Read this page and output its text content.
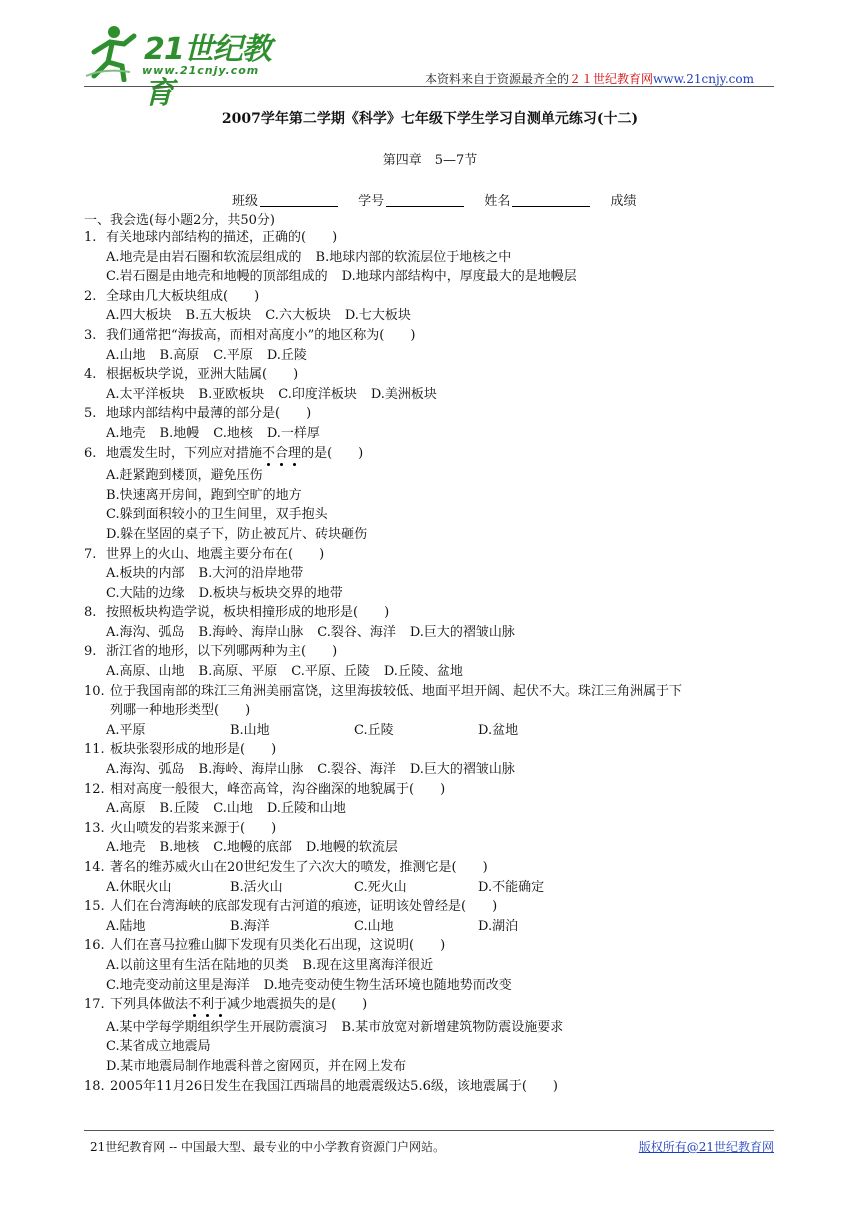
21世纪教育
www.21cnjy.com
本资料来自于资源最齐全的２１世纪教育网www.21cnjy.com
2007学年第二学期《科学》七年级下学生学习自测单元练习(十二)
第四章　5—7节
班级	学号	姓名	成绩
一、我会选(每小题2分，共50分)
1. 有关地球内部结构的描述，正确的(　　)
A.地壳是由岩石圈和软流层组成的 B.地球内部的软流层位于地核之中
C.岩石圈是由地壳和地幔的顶部组成的 D.地球内部结构中，厚度最大的是地幔层
2. 全球由几大板块组成(　　)
A.四大板块 B.五大板块 C.六大板块 D.七大板块
3. 我们通常把“海拔高，而相对高度小”的地区称为(　　)
A.山地 B.高原 C.平原 D.丘陵
4. 根据板块学说，亚洲大陆属(　　)
A.太平洋板块 B.亚欧板块 C.印度洋板块 D.美洲板块
5. 地球内部结构中最薄的部分是(　　)
A.地壳 B.地幔 C.地核 D.一样厚
6. 地震发生时，下列应对措施不合理的是(　　)
A.赶紧跑到楼顶，避免压伤
B.快速离开房间，跑到空旷的地方
C.躲到面积较小的卫生间里，双手抱头
D.躲在坚固的桌子下，防止被瓦片、砖块砸伤
7. 世界上的火山、地震主要分布在(　　)
A.板块的内部 B.大河的沿岸地带
C.大陆的边缘 D.板块与板块交界的地带
8. 按照板块构造学说，板块相撞形成的地形是(　　)
A.海沟、弧岛 B.海岭、海岸山脉 C.裂谷、海洋 D.巨大的褶皱山脉
9. 浙江省的地形，以下列哪两种为主(　　)
A.高原、山地 B.高原、平原 C.平原、丘陵 D.丘陵、盆地
10. 位于我国南部的珠江三角洲美丽富饶，这里海拔较低、地面平坦开阔、起伏不大。珠江三角洲属于下
列哪一种地形类型(　　)
A.平原	B.山地	C.丘陵	D.盆地
11. 板块张裂形成的地形是(　　)
A.海沟、弧岛 B.海岭、海岸山脉 C.裂谷、海洋 D.巨大的褶皱山脉
12. 相对高度一般很大，峰峦高耸，沟谷幽深的地貌属于(　　)
A.高原 B.丘陵 C.山地 D.丘陵和山地
13. 火山喷发的岩浆来源于(　　)
A.地壳 B.地核 C.地幔的底部 D.地幔的软流层
14. 著名的维苏威火山在20世纪发生了六次大的喷发，推测它是(　　)
A.休眠火山	B.活火山	C.死火山	D.不能确定
15. 人们在台湾海峡的底部发现有古河道的痕迹，证明该处曾经是(　　)
A.陆地	B.海洋	C.山地	D.湖泊
16. 人们在喜马拉雅山脚下发现有贝类化石出现，这说明(　　)
A.以前这里有生活在陆地的贝类 B.现在这里离海洋很近
C.地壳变动前这里是海洋 D.地壳变动使生物生活环境也随地势而改变
17. 下列具体做法不利于减少地震损失的是(　　)
A.某中学每学期组织学生开展防震演习 B.某市放宽对新增建筑物防震设施要求
C.某省成立地震局
D.某市地震局制作地震科普之窗网页，并在网上发布
18. 2005年11月26日发生在我国江西瑞昌的地震震级达5.6级，该地震属于(　　)
21世纪教育网 -- 中国最大型、最专业的中小学教育资源门户网站。	版权所有@21世纪教育网
